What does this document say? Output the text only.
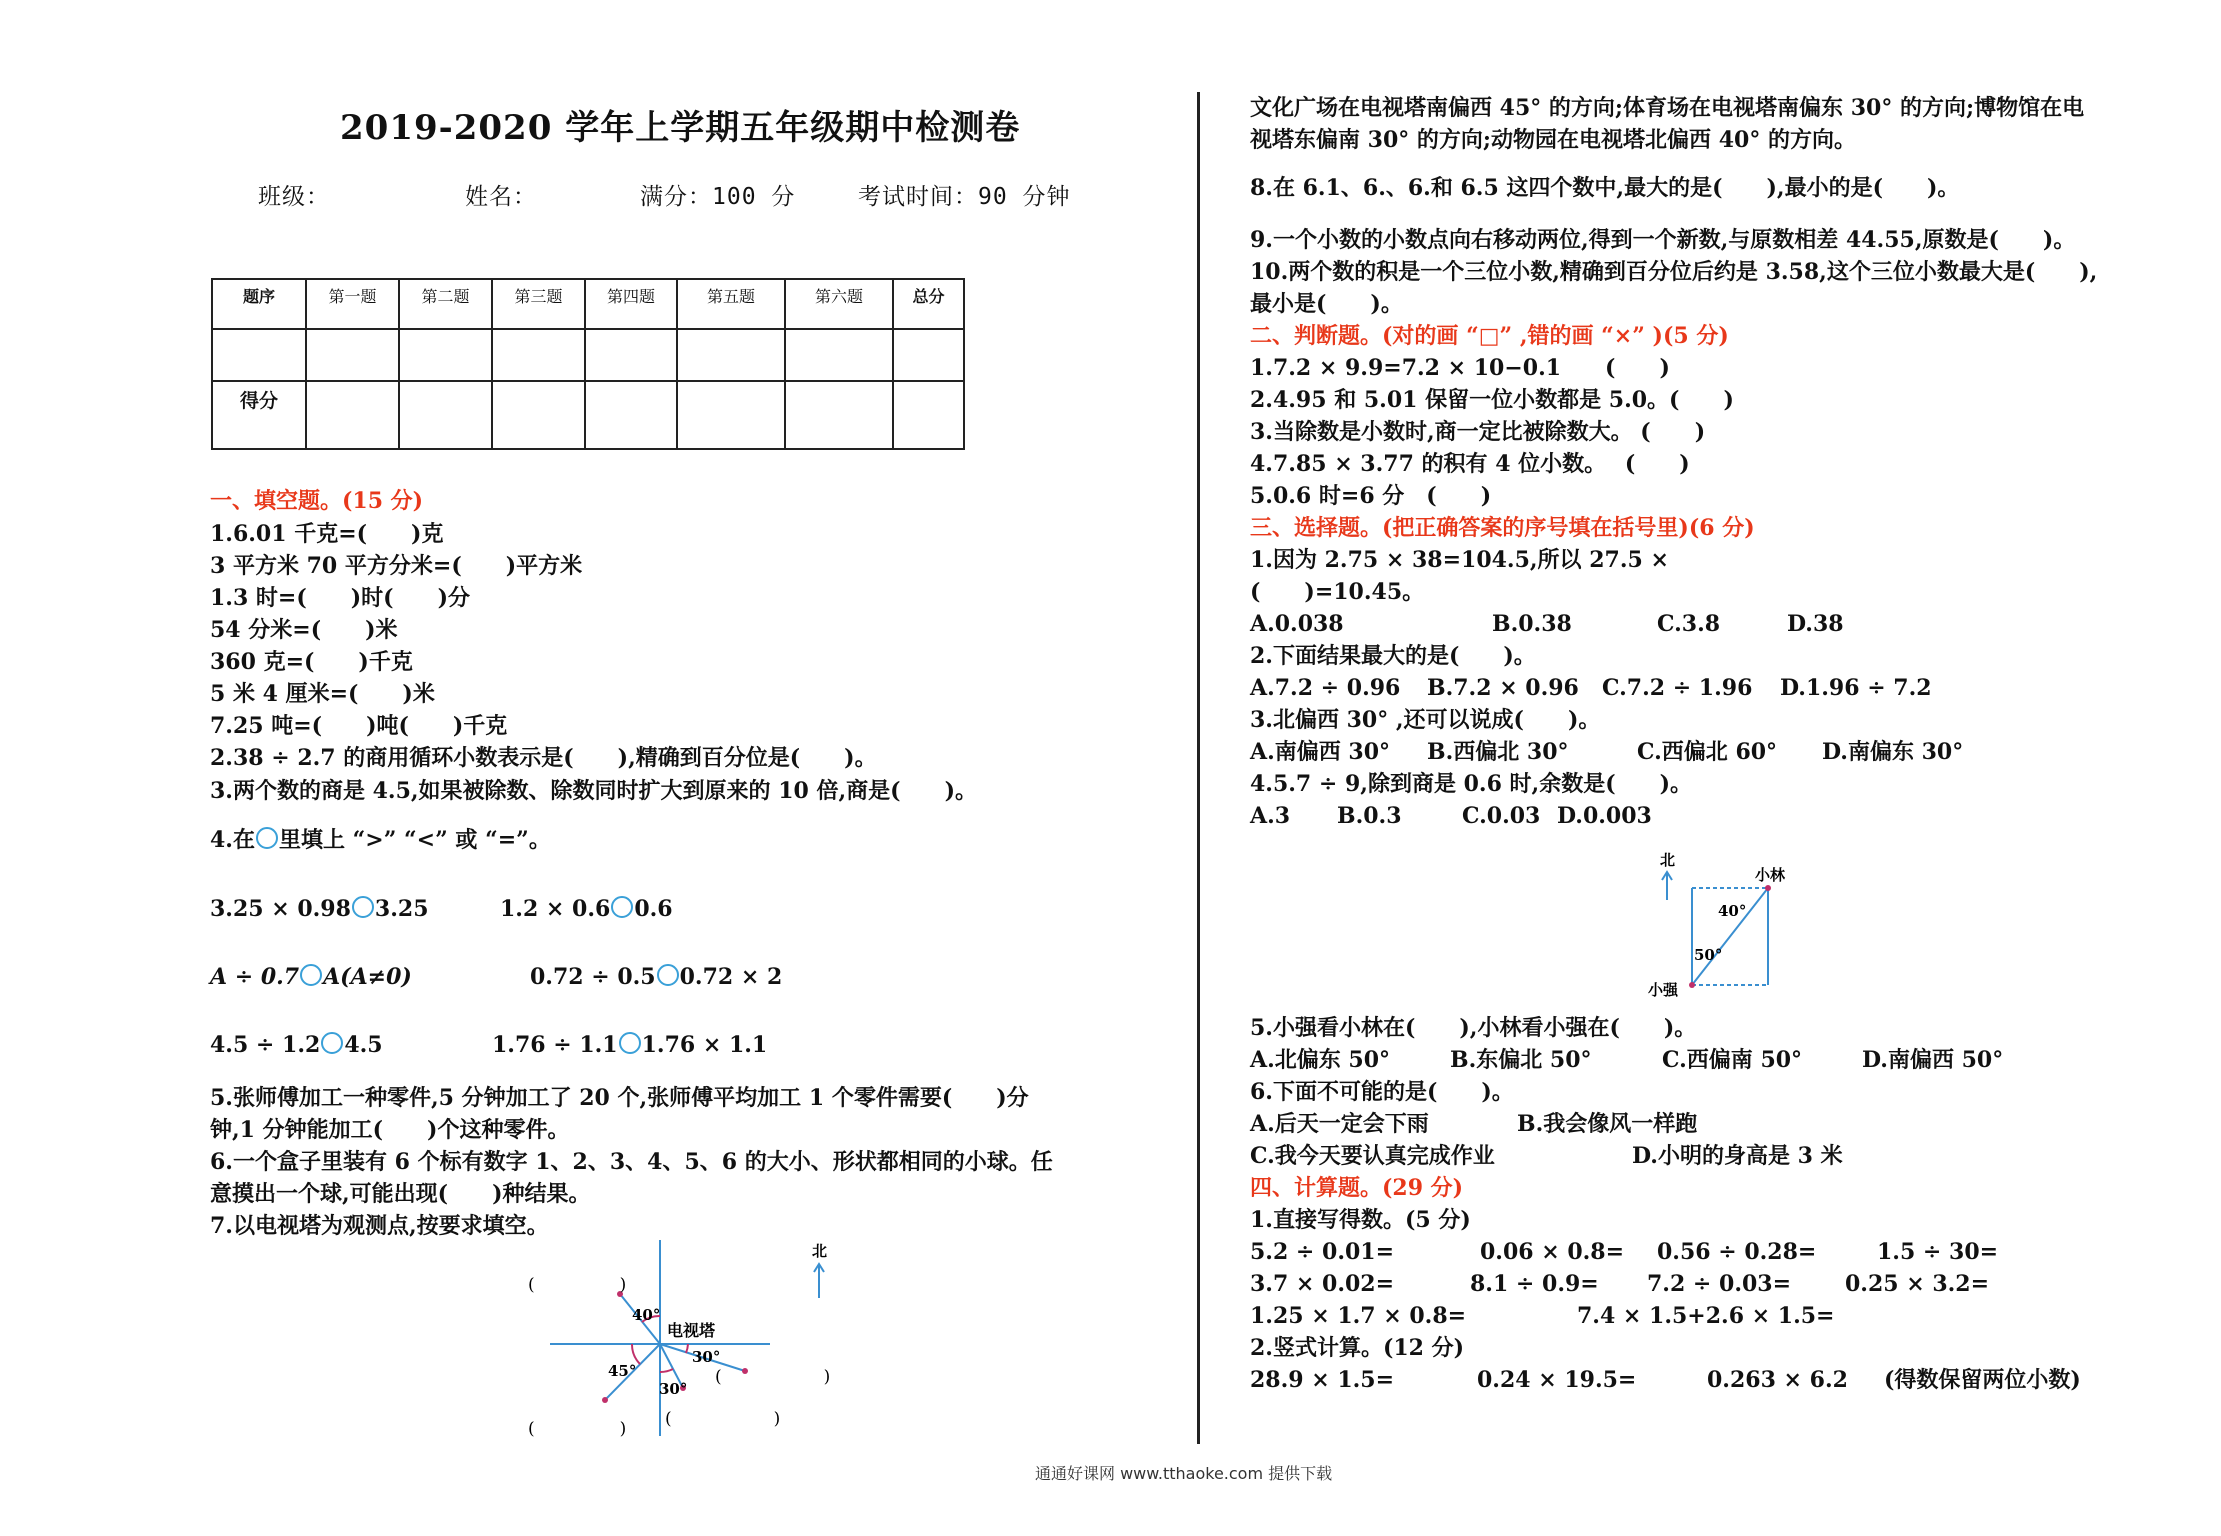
2019-2020 学年上学期五年级期中检测卷
班级：	姓名：	满分：100 分	考试时间：90 分钟
题序	第一题	第二题	第三题	第四题	第五题	第六题	总分

得分							
一、填空题。(15 分)
1.6.01 千克=(　　)克
3 平方米 70 平方分米=(　　)平方米
1.3 时=(　　)时(　　)分
54 分米=(　　)米
360 克=(　　)千克
5 米 4 厘米=(　　)米
7.25 吨=(　　)吨(　　)千克
2.38 ÷ 2.7 的商用循环小数表示是(　　),精确到百分位是(　　)。
3.两个数的商是 4.5,如果被除数、除数同时扩大到原来的 10 倍,商是(　　)。
4.在 里填上 “>” “<” 或 “=”。
3.25 × 0.98 3.25	1.2 × 0.6 0.6
A ÷ 0.7 A(A≠0)	0.72 ÷ 0.5 0.72 × 2
4.5 ÷ 1.2 4.5	1.76 ÷ 1.1 1.76 × 1.1
5.张师傅加工一种零件,5 分钟加工了 20 个,张师傅平均加工 1 个零件需要(　　)分
钟,1 分钟能加工(　　)个这种零件。
6.一个盒子里装有 6 个标有数字 1、2、3、4、5、6 的大小、形状都相同的小球。任
意摸出一个球,可能出现(　　)种结果。
7.以电视塔为观测点,按要求填空。
40°
电视塔
30°
45°
30°
(　　　　　)
(　　　　　　)
(　　　　　) (　　　　　　)
北
文化广场在电视塔南偏西 45° 的方向;体育场在电视塔南偏东 30° 的方向;博物馆在电
视塔东偏南 30° 的方向;动物园在电视塔北偏西 40° 的方向。
8.在 6.1、6.、6.和 6.5 这四个数中,最大的是(　　),最小的是(　　)。
9.一个小数的小数点向右移动两位,得到一个新数,与原数相差 44.55,原数是(　　)。
10.两个数的积是一个三位小数,精确到百分位后约是 3.58,这个三位小数最大是(　　),
最小是(　　)。
二、判断题。(对的画 “□” ,错的画 “×” )(5 分)
1.7.2 × 9.9=7.2 × 10−0.1　　(　　)
2.4.95 和 5.01 保留一位小数都是 5.0。(　　)
3.当除数是小数时,商一定比被除数大。 (　　)
4.7.85 × 3.77 的积有 4 位小数。　 (　　)
5.0.6 时=6 分　(　　)
三、选择题。(把正确答案的序号填在括号里)(6 分)
1.因为 2.75 × 38=104.5,所以 27.5 ×
(　　)=10.45。
A.0.038	B.0.38	C.3.8	D.38
2.下面结果最大的是(　　)。
A.7.2 ÷ 0.96 B.7.2 × 0.96 C.7.2 ÷ 1.96 D.1.96 ÷ 7.2
3.北偏西 30° ,还可以说成(　　)。
A.南偏西 30° B.西偏北 30°	C.西偏北 60° D.南偏东 30°
4.5.7 ÷ 9,除到商是 0.6 时,余数是(　　)。
A.3 B.0.3	C.0.03 D.0.003
北
小林
40°
50°
小强
5.小强看小林在(　　),小林看小强在(　　)。
A.北偏东 50°	B.东偏北 50°	C.西偏南 50°	D.南偏西 50°
6.下面不可能的是(　　)。
A.后天一定会下雨	B.我会像风一样跑
C.我今天要认真完成作业	D.小明的身高是 3 米
四、计算题。(29 分)
1.直接写得数。(5 分)
5.2 ÷ 0.01=	0.06 × 0.8= 0.56 ÷ 0.28=	1.5 ÷ 30=
3.7 × 0.02=	8.1 ÷ 0.9= 7.2 ÷ 0.03= 0.25 × 3.2=
1.25 × 1.7 × 0.8=	7.4 × 1.5+2.6 × 1.5=
2.竖式计算。(12 分)
28.9 × 1.5=	0.24 × 19.5=	0.263 × 6.2 (得数保留两位小数)
通通好课网 www.tthaoke.com 提供下载
